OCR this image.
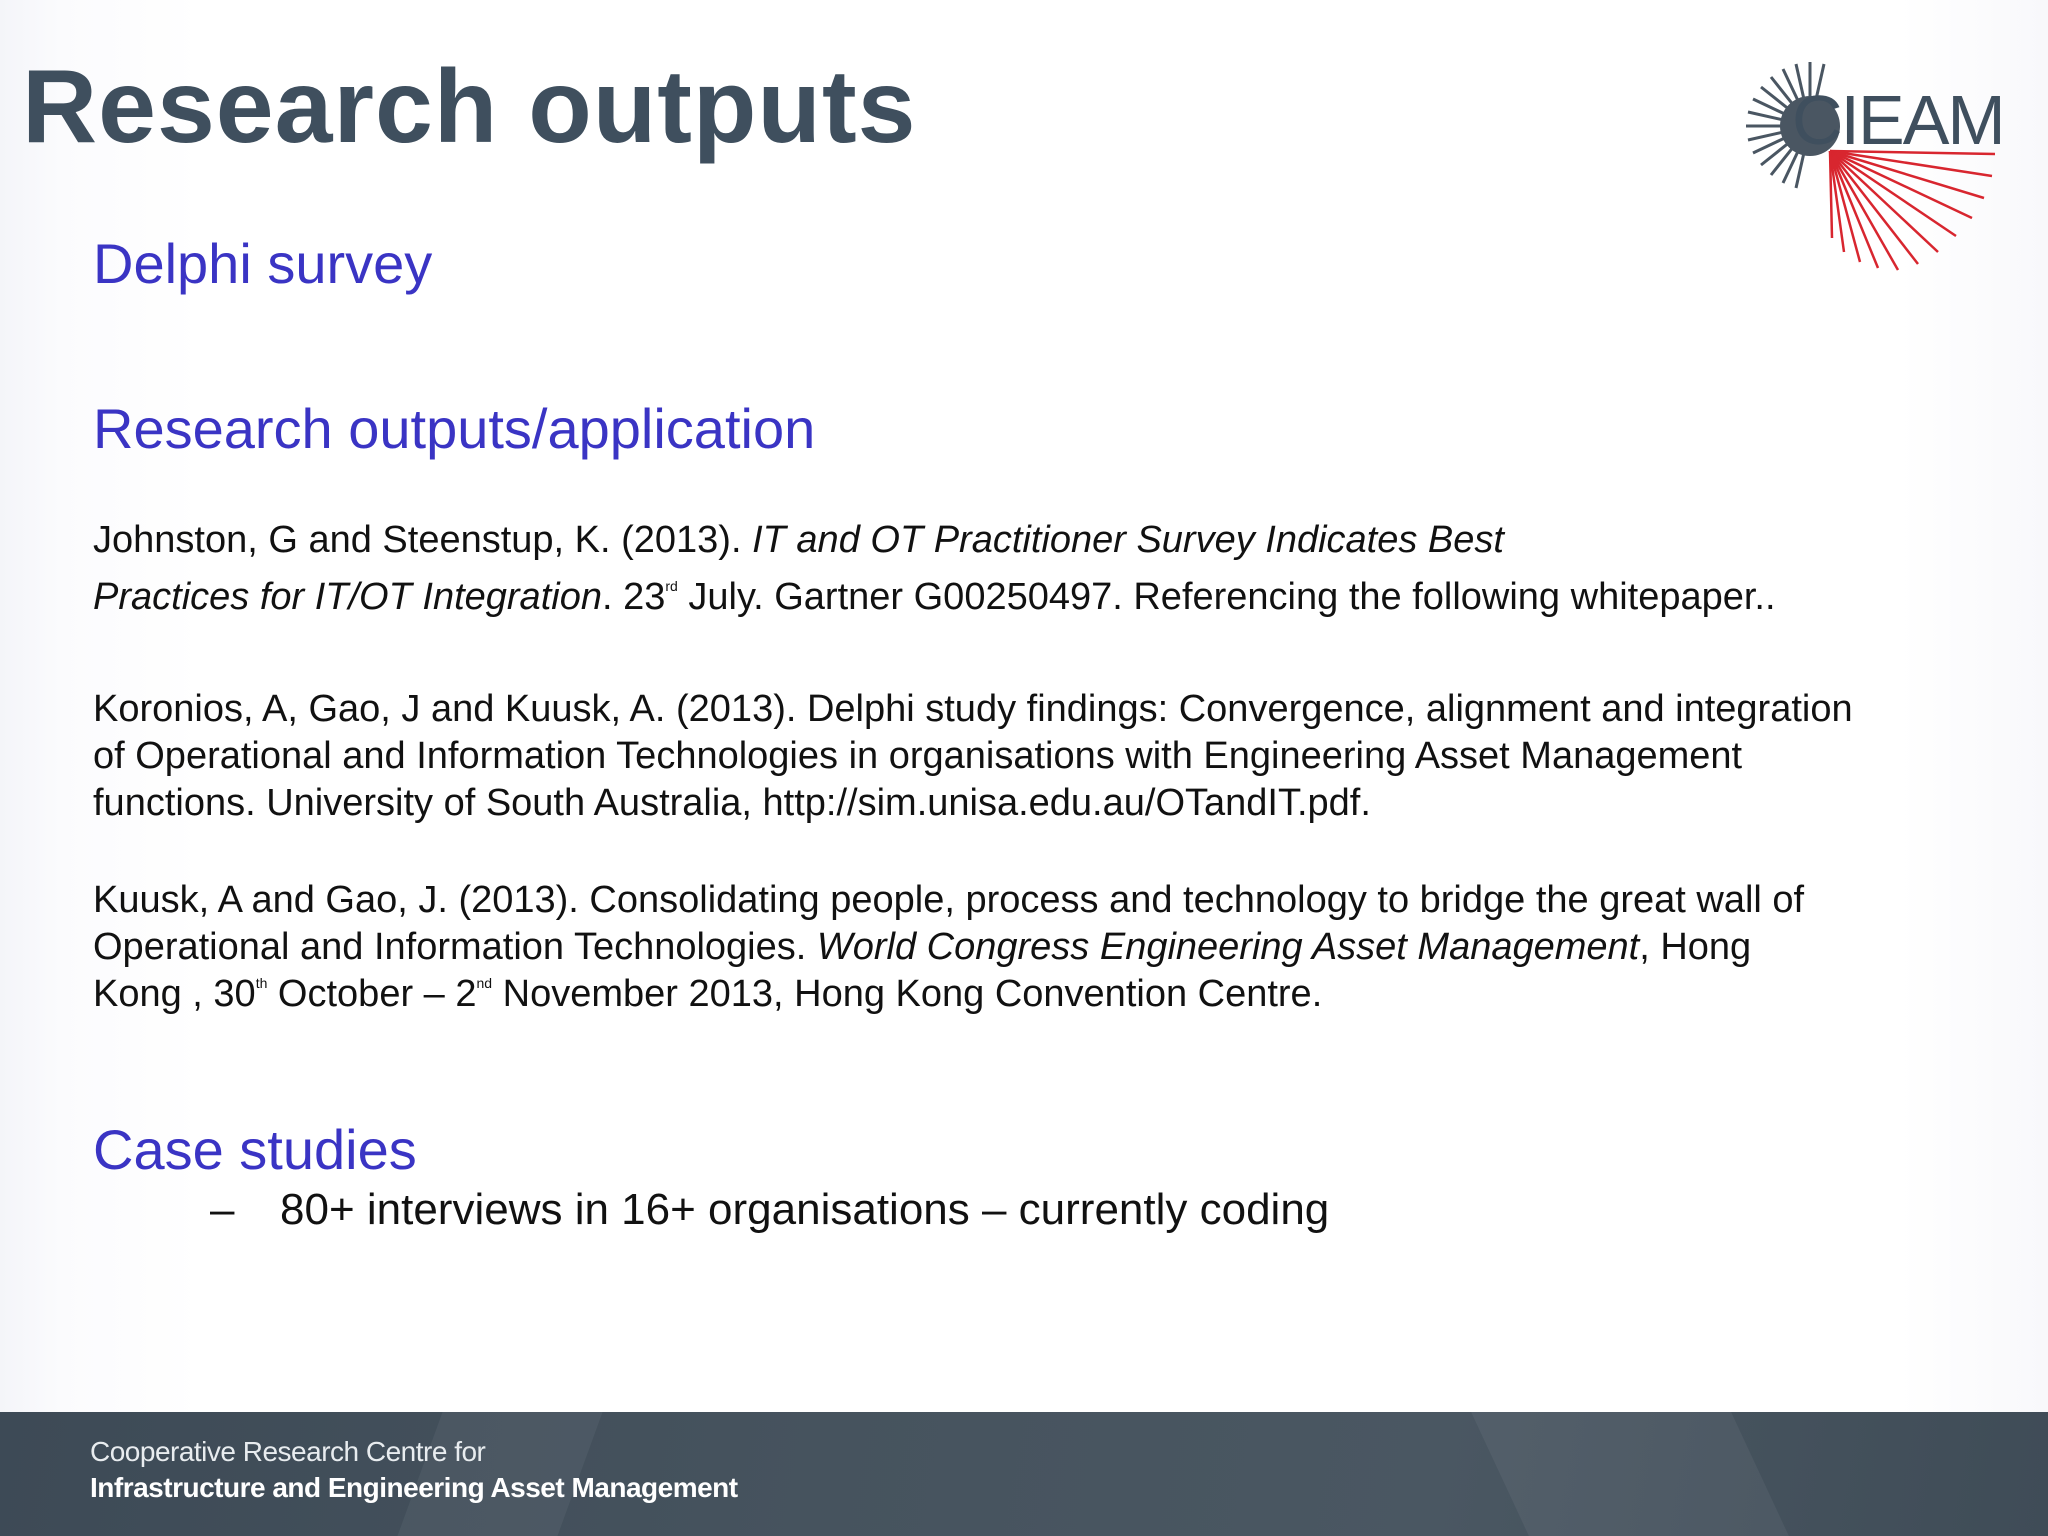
Research outputs	CIEAM
Delphi survey
Research outputs/application
Johnston, G and Steenstup, K. (2013). IT and OT Practitioner Survey Indicates Best
Practices for IT/OT Integration. 23rd July. Gartner G00250497. Referencing the following whitepaper..
Koronios, A, Gao, J and Kuusk, A. (2013). Delphi study findings: Convergence, alignment and integration
of Operational and Information Technologies in organisations with Engineering Asset Management
functions. University of South Australia, http://sim.unisa.edu.au/OTandIT.pdf.
Kuusk, A and Gao, J. (2013). Consolidating people, process and technology to bridge the great wall of
Operational and Information Technologies. World Congress Engineering Asset Management, Hong
Kong , 30th October – 2nd November 2013, Hong Kong Convention Centre.
Case studies
– 80+ interviews in 16+ organisations – currently coding
Cooperative Research Centre for
Infrastructure and Engineering Asset Management
